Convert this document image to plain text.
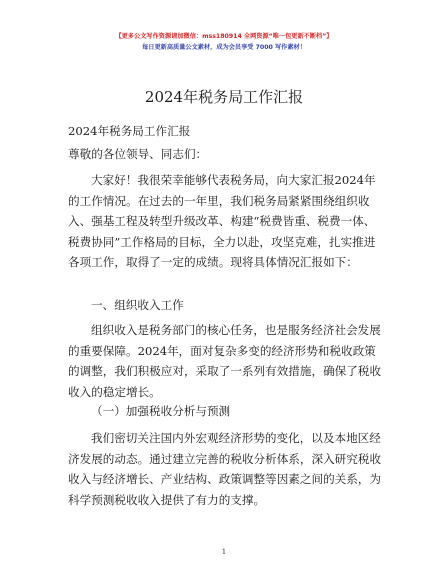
【更多公文写作资源请加微信：mss180914 全网资源“唯一包更新不断档”】
每日更新高质量公文素材，成为会员享受 7000 写作素材！
2024年税务局工作汇报

2024年税务局工作汇报

尊敬的各位领导、同志们：

大家好！我很荣幸能够代表税务局，向大家汇报2024年的工作情况。在过去的一年里，我们税务局紧紧围绕组织收入、强基工程及转型升级改革、构建“税费皆重、税费一体、税费协同”工作格局的目标，全力以赴，攻坚克难，扎实推进各项工作，取得了一定的成绩。现将具体情况汇报如下：

一、组织收入工作

组织收入是税务部门的核心任务，也是服务经济社会发展的重要保障。2024年，面对复杂多变的经济形势和税收政策的调整，我们积极应对，采取了一系列有效措施，确保了税收收入的稳定增长。

（一）加强税收分析与预测

我们密切关注国内外宏观经济形势的变化，以及本地区经济发展的动态。通过建立完善的税收分析体系，深入研究税收收入与经济增长、产业结构、政策调整等因素之间的关系，为科学预测税收收入提供了有力的支撑。

1
